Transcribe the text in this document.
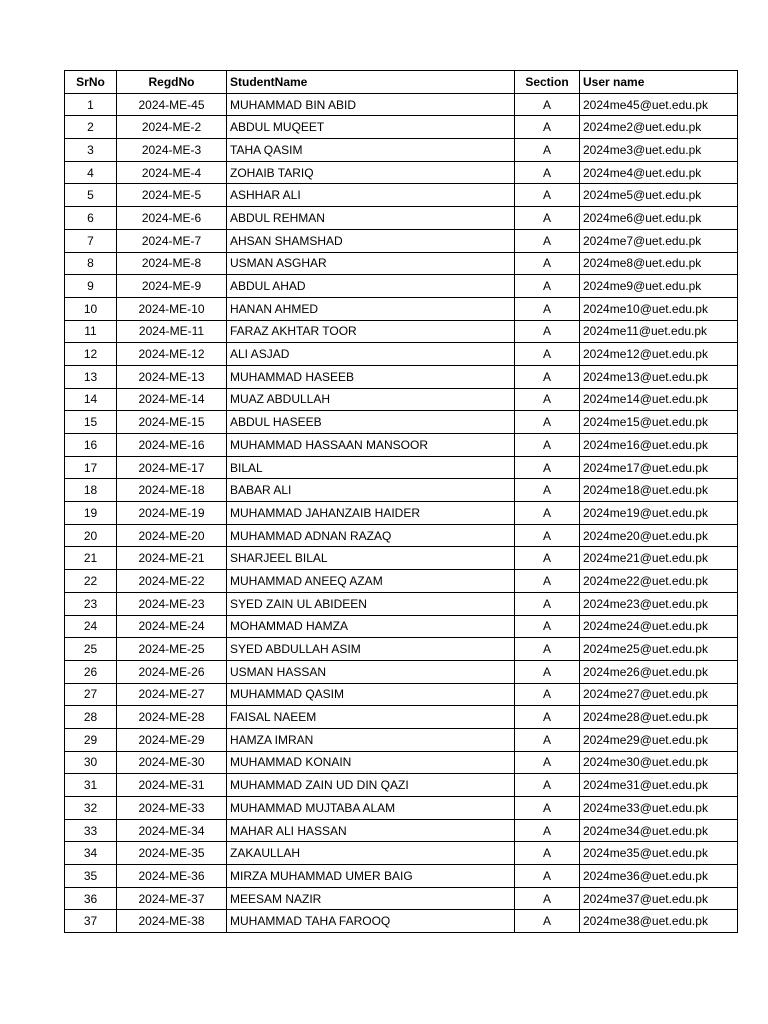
SrNo	RegdNo	StudentName	Section	User name
1	2024-ME-45	MUHAMMAD BIN ABID	A	2024me45@uet.edu.pk
2	2024-ME-2	ABDUL MUQEET	A	2024me2@uet.edu.pk
3	2024-ME-3	TAHA QASIM	A	2024me3@uet.edu.pk
4	2024-ME-4	ZOHAIB TARIQ	A	2024me4@uet.edu.pk
5	2024-ME-5	ASHHAR ALI	A	2024me5@uet.edu.pk
6	2024-ME-6	ABDUL REHMAN	A	2024me6@uet.edu.pk
7	2024-ME-7	AHSAN SHAMSHAD	A	2024me7@uet.edu.pk
8	2024-ME-8	USMAN ASGHAR	A	2024me8@uet.edu.pk
9	2024-ME-9	ABDUL AHAD	A	2024me9@uet.edu.pk
10	2024-ME-10	HANAN AHMED	A	2024me10@uet.edu.pk
11	2024-ME-11	FARAZ AKHTAR TOOR	A	2024me11@uet.edu.pk
12	2024-ME-12	ALI ASJAD	A	2024me12@uet.edu.pk
13	2024-ME-13	MUHAMMAD HASEEB	A	2024me13@uet.edu.pk
14	2024-ME-14	MUAZ ABDULLAH	A	2024me14@uet.edu.pk
15	2024-ME-15	ABDUL HASEEB	A	2024me15@uet.edu.pk
16	2024-ME-16	MUHAMMAD HASSAAN MANSOOR	A	2024me16@uet.edu.pk
17	2024-ME-17	BILAL	A	2024me17@uet.edu.pk
18	2024-ME-18	BABAR ALI	A	2024me18@uet.edu.pk
19	2024-ME-19	MUHAMMAD JAHANZAIB HAIDER	A	2024me19@uet.edu.pk
20	2024-ME-20	MUHAMMAD ADNAN RAZAQ	A	2024me20@uet.edu.pk
21	2024-ME-21	SHARJEEL BILAL	A	2024me21@uet.edu.pk
22	2024-ME-22	MUHAMMAD ANEEQ AZAM	A	2024me22@uet.edu.pk
23	2024-ME-23	SYED ZAIN UL ABIDEEN	A	2024me23@uet.edu.pk
24	2024-ME-24	MOHAMMAD HAMZA	A	2024me24@uet.edu.pk
25	2024-ME-25	SYED ABDULLAH ASIM	A	2024me25@uet.edu.pk
26	2024-ME-26	USMAN HASSAN	A	2024me26@uet.edu.pk
27	2024-ME-27	MUHAMMAD QASIM	A	2024me27@uet.edu.pk
28	2024-ME-28	FAISAL NAEEM	A	2024me28@uet.edu.pk
29	2024-ME-29	HAMZA IMRAN	A	2024me29@uet.edu.pk
30	2024-ME-30	MUHAMMAD KONAIN	A	2024me30@uet.edu.pk
31	2024-ME-31	MUHAMMAD ZAIN UD DIN QAZI	A	2024me31@uet.edu.pk
32	2024-ME-33	MUHAMMAD MUJTABA ALAM	A	2024me33@uet.edu.pk
33	2024-ME-34	MAHAR ALI HASSAN	A	2024me34@uet.edu.pk
34	2024-ME-35	ZAKAULLAH	A	2024me35@uet.edu.pk
35	2024-ME-36	MIRZA MUHAMMAD UMER BAIG	A	2024me36@uet.edu.pk
36	2024-ME-37	MEESAM NAZIR	A	2024me37@uet.edu.pk
37	2024-ME-38	MUHAMMAD TAHA FAROOQ	A	2024me38@uet.edu.pk
